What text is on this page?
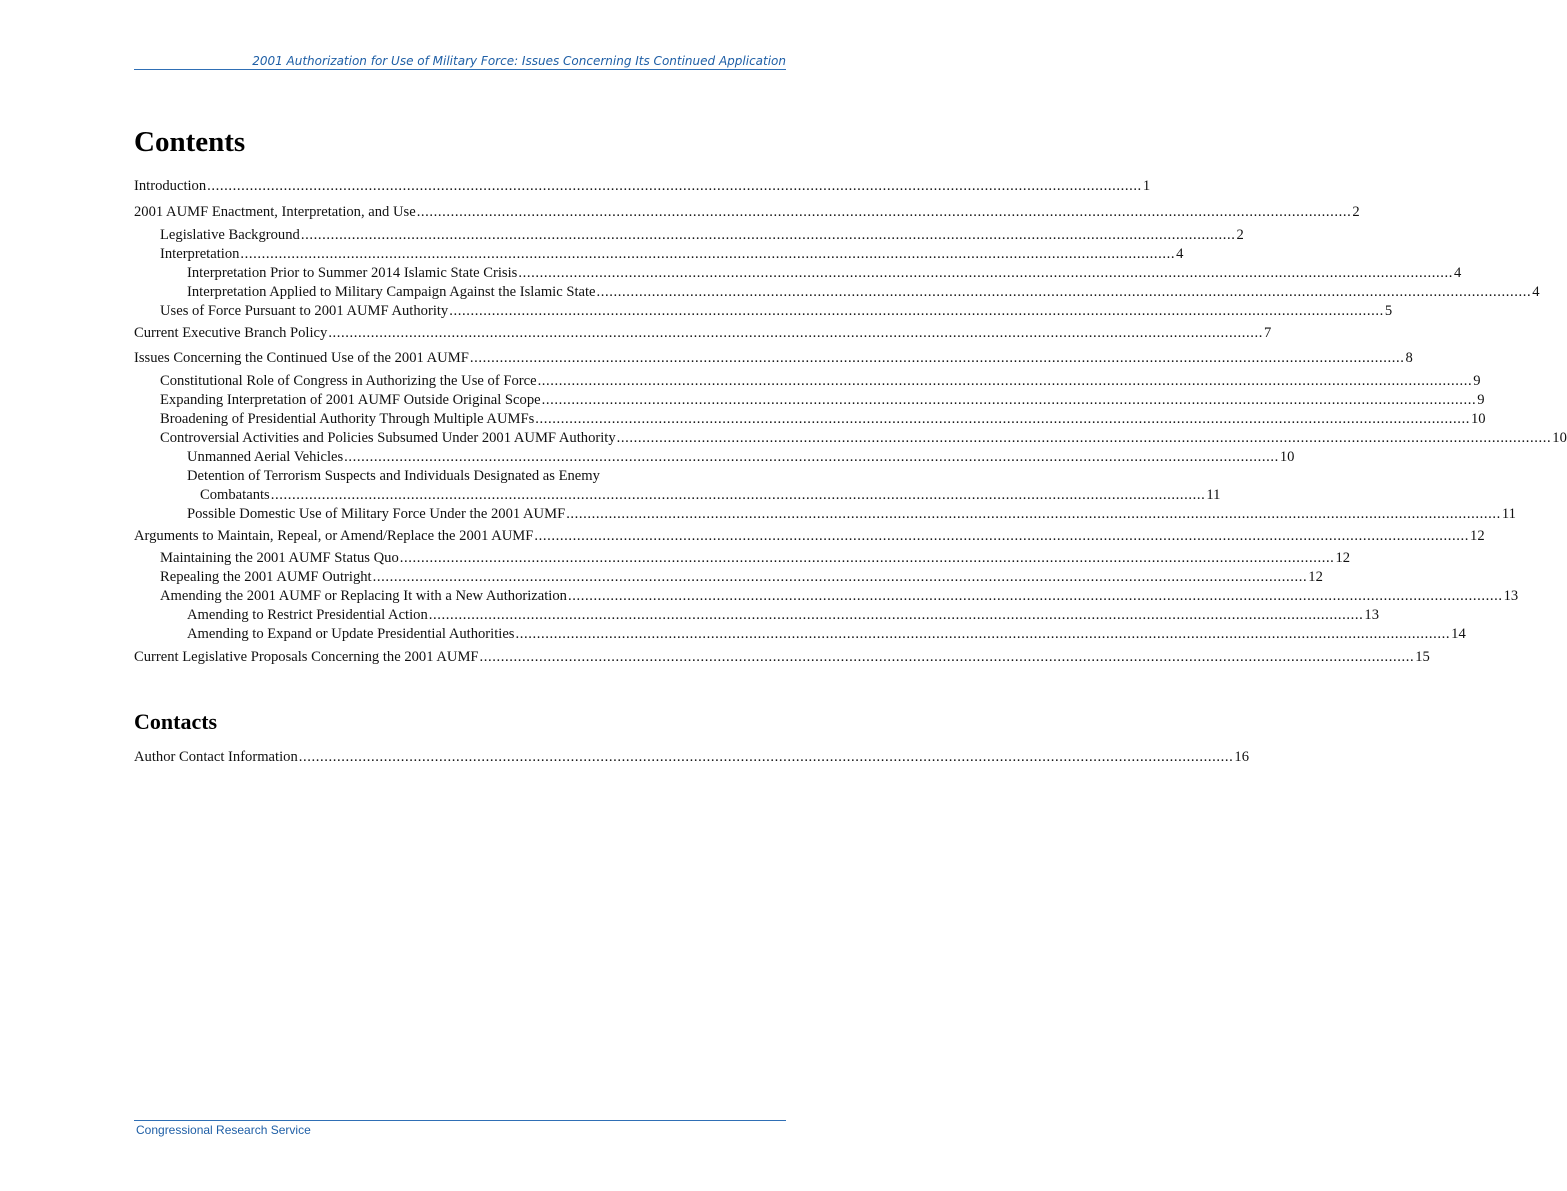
2001 Authorization for Use of Military Force: Issues Concerning Its Continued Application
Contents
Introduction ............................................................................................................................................................................................................................ 1
2001 AUMF Enactment, Interpretation, and Use ............................................................................................................................................................................................................................ 2
Legislative Background ............................................................................................................................................................................................................................ 2
Interpretation ............................................................................................................................................................................................................................ 4
Interpretation Prior to Summer 2014 Islamic State Crisis ............................................................................................................................................................................................................................ 4
Interpretation Applied to Military Campaign Against the Islamic State ............................................................................................................................................................................................................................ 4
Uses of Force Pursuant to 2001 AUMF Authority ............................................................................................................................................................................................................................ 5
Current Executive Branch Policy ............................................................................................................................................................................................................................ 7
Issues Concerning the Continued Use of the 2001 AUMF ............................................................................................................................................................................................................................ 8
Constitutional Role of Congress in Authorizing the Use of Force ............................................................................................................................................................................................................................ 9
Expanding Interpretation of 2001 AUMF Outside Original Scope ............................................................................................................................................................................................................................ 9
Broadening of Presidential Authority Through Multiple AUMFs ............................................................................................................................................................................................................................ 10
Controversial Activities and Policies Subsumed Under 2001 AUMF Authority ............................................................................................................................................................................................................................ 10
Unmanned Aerial Vehicles ............................................................................................................................................................................................................................ 10
Detention of Terrorism Suspects and Individuals Designated as Enemy
Combatants ............................................................................................................................................................................................................................ 11
Possible Domestic Use of Military Force Under the 2001 AUMF ............................................................................................................................................................................................................................ 11
Arguments to Maintain, Repeal, or Amend/Replace the 2001 AUMF ............................................................................................................................................................................................................................ 12
Maintaining the 2001 AUMF Status Quo ............................................................................................................................................................................................................................ 12
Repealing the 2001 AUMF Outright ............................................................................................................................................................................................................................ 12
Amending the 2001 AUMF or Replacing It with a New Authorization ............................................................................................................................................................................................................................ 13
Amending to Restrict Presidential Action ............................................................................................................................................................................................................................ 13
Amending to Expand or Update Presidential Authorities ............................................................................................................................................................................................................................ 14
Current Legislative Proposals Concerning the 2001 AUMF ............................................................................................................................................................................................................................ 15
Contacts
Author Contact Information ............................................................................................................................................................................................................................ 16
Congressional Research Service
